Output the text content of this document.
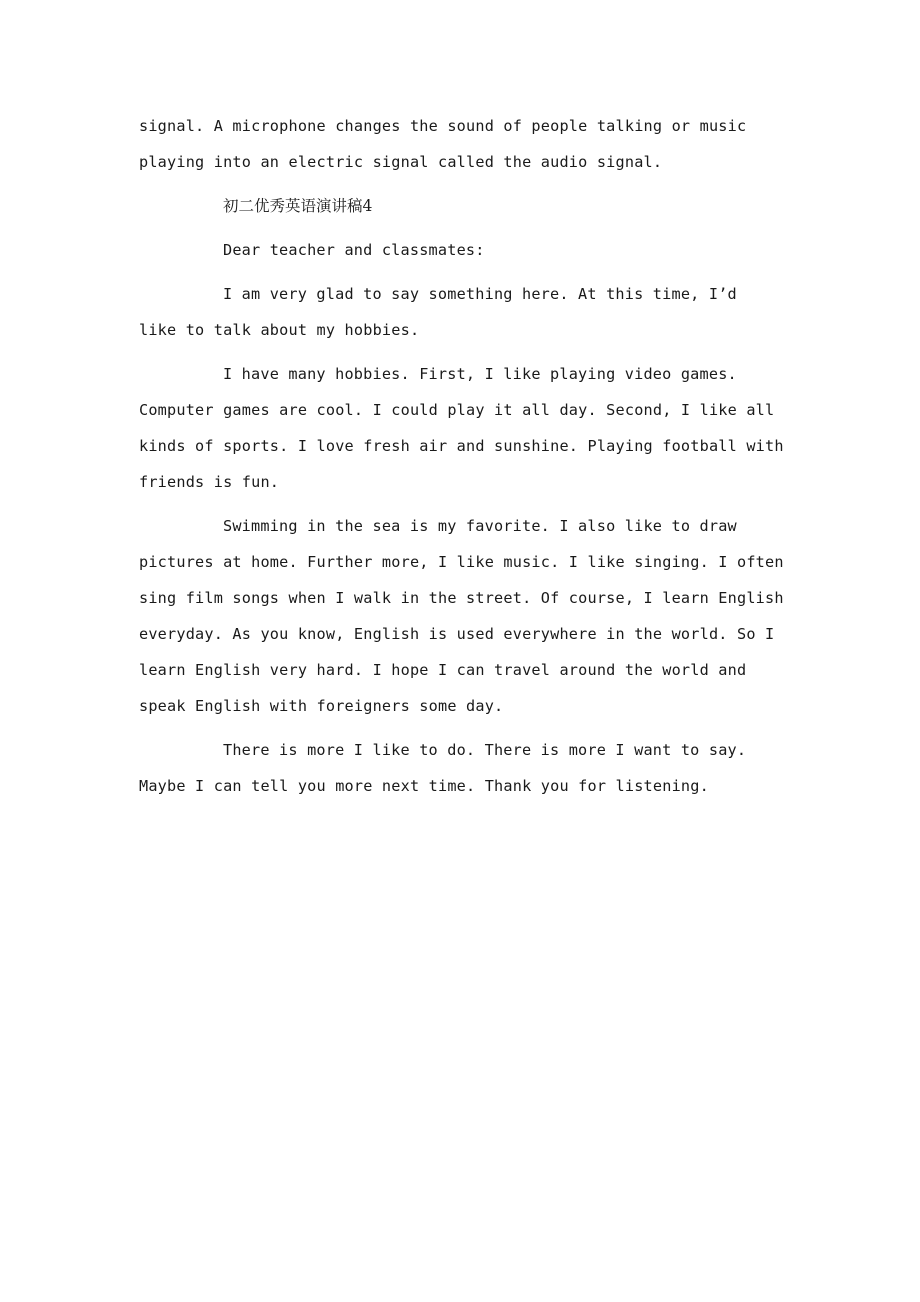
signal. A microphone changes the sound of people talking or music
playing into an electric signal called the audio signal.

初二优秀英语演讲稿4

Dear teacher and classmates:

I am very glad to say something here. At this time, I’d
like to talk about my hobbies.

I have many hobbies. First, I like playing video games.
Computer games are cool. I could play it all day. Second, I like all
kinds of sports. I love fresh air and sunshine. Playing football with
friends is fun.

Swimming in the sea is my favorite. I also like to draw
pictures at home. Further more, I like music. I like singing. I often
sing film songs when I walk in the street. Of course, I learn English
everyday. As you know, English is used everywhere in the world. So I
learn English very hard. I hope I can travel around the world and
speak English with foreigners some day.

There is more I like to do. There is more I want to say.
Maybe I can tell you more next time. Thank you for listening.
